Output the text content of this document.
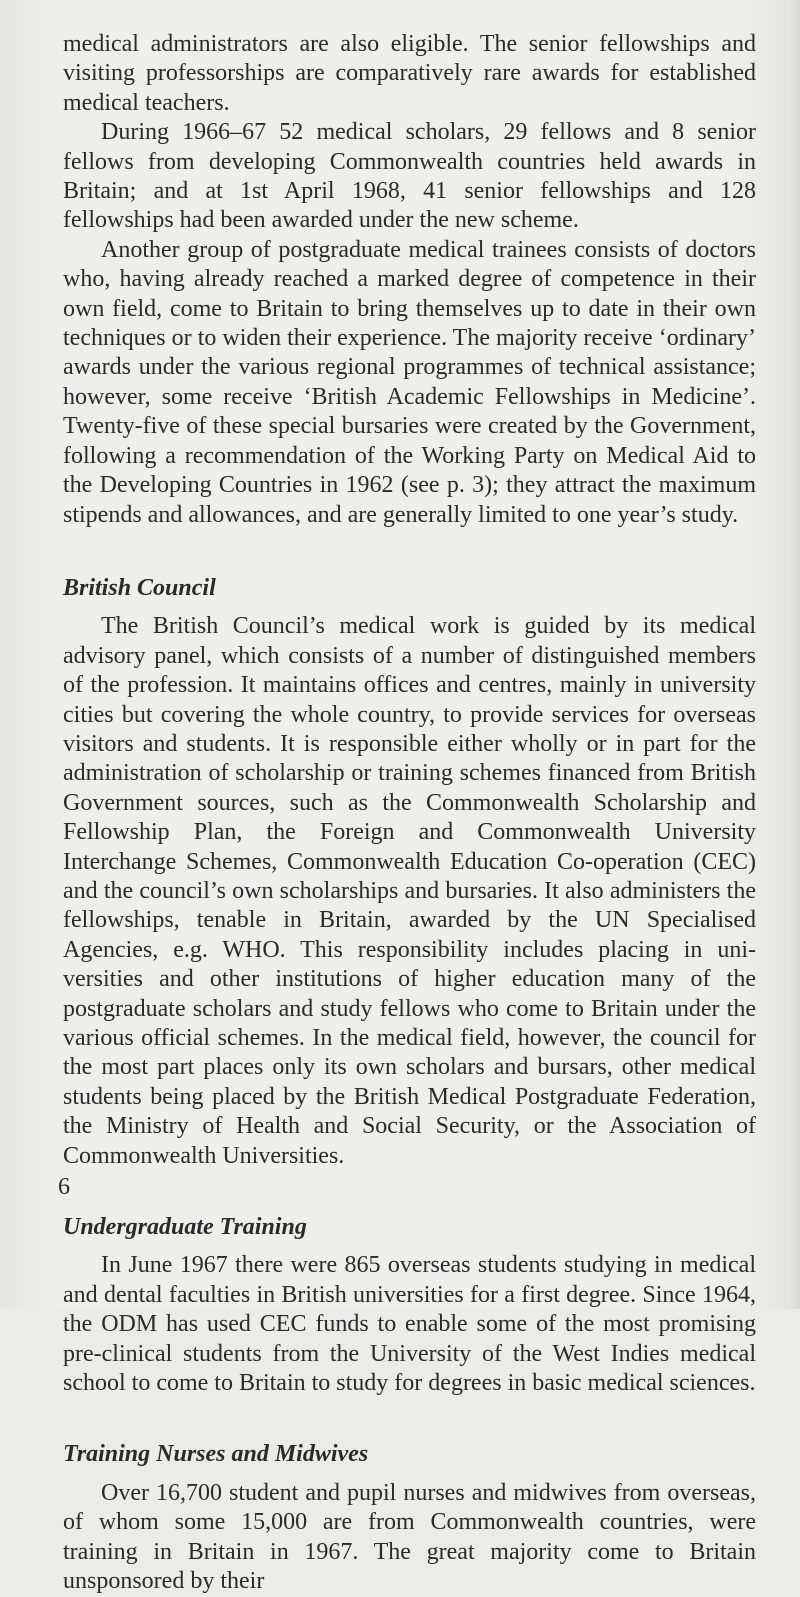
medical administrators are also eligible. The senior fellowships and visiting professorships are comparatively rare awards for established medical teachers.

During 1966–67 52 medical scholars, 29 fellows and 8 senior fellows from developing Commonwealth countries held awards in Britain; and at 1st April 1968, 41 senior fellowships and 128 fellowships had been awarded under the new scheme.

Another group of postgraduate medical trainees consists of doctors who, having already reached a marked degree of competence in their own field, come to Britain to bring themselves up to date in their own techniques or to widen their experience. The majority receive ‘ordinary’ awards under the various regional programmes of technical assistance; however, some receive ‘British Academic Fellowships in Medicine’. Twenty-five of these special bursaries were created by the Government, following a recommendation of the Working Party on Medical Aid to the Developing Countries in 1962 (see p. 3); they attract the maximum stipends and allowances, and are generally limited to one year’s study.

British Council

The British Council’s medical work is guided by its medical advisory panel, which consists of a number of distinguished members of the profession. It maintains offices and centres, mainly in university cities but covering the whole country, to provide services for overseas visitors and students. It is responsible either wholly or in part for the administration of scholarship or training schemes financed from British Government sources, such as the Commonwealth Scholarship and Fellowship Plan, the Foreign and Commonwealth University Interchange Schemes, Commonwealth Education Co-operation (CEC) and the council’s own scholarships and bursaries. It also administers the fellowships, tenable in Britain, awarded by the UN Specialised Agencies, e.g. WHO. This responsibility includes placing in universities and other institutions of higher education many of the postgraduate scholars and study fellows who come to Britain under the various official schemes. In the medical field, however, the council for the most part places only its own scholars and bursars, other medical students being placed by the British Medical Postgraduate Federation, the Ministry of Health and Social Security, or the Association of Commonwealth Universities.

Undergraduate Training

In June 1967 there were 865 overseas students studying in medical and dental faculties in British universities for a first degree. Since 1964, the ODM has used CEC funds to enable some of the most promising pre-clinical students from the University of the West Indies medical school to come to Britain to study for degrees in basic medical sciences.

Training Nurses and Midwives

Over 16,700 student and pupil nurses and midwives from overseas, of whom some 15,000 are from Commonwealth countries, were training in Britain in 1967. The great majority come to Britain unsponsored by their

6
